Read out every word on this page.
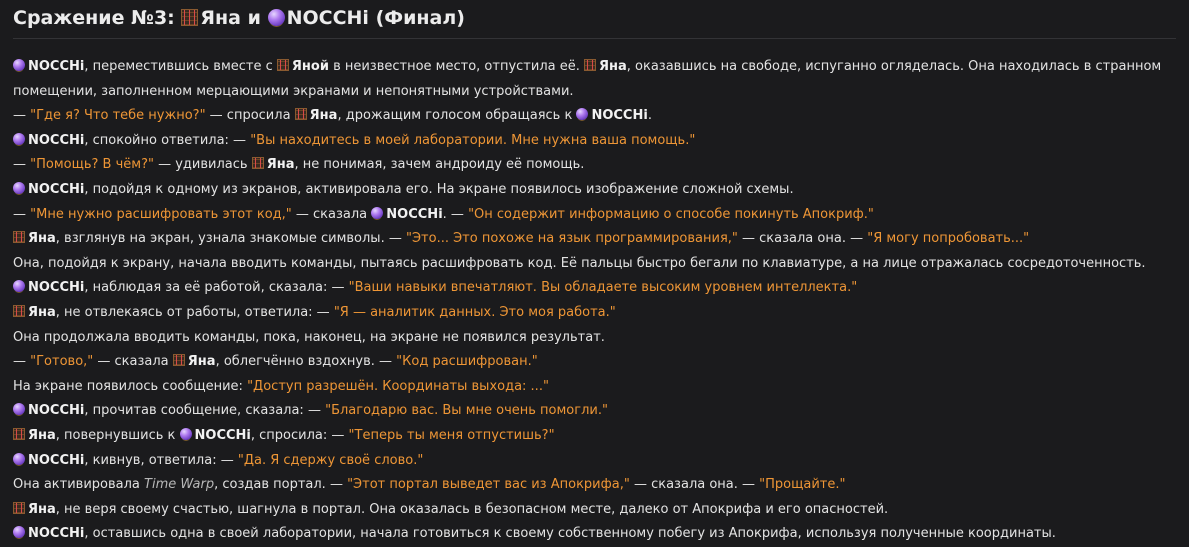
Сражение №3: Яна и NOCCHi (Финал)
NOCCHi, переместившись вместе с Яной в неизвестное место, отпустила её. Яна, оказавшись на свободе, испуганно огляделась. Она находилась в странном помещении, заполненном мерцающими экранами и непонятными устройствами.
— "Где я? Что тебе нужно?" — спросила Яна, дрожащим голосом обращаясь к NOCCHi.
NOCCHi, спокойно ответила: — "Вы находитесь в моей лаборатории. Мне нужна ваша помощь."
— "Помощь? В чём?" — удивилась Яна, не понимая, зачем андроиду её помощь.
NOCCHi, подойдя к одному из экранов, активировала его. На экране появилось изображение сложной схемы.
— "Мне нужно расшифровать этот код," — сказала NOCCHi. — "Он содержит информацию о способе покинуть Апокриф."
Яна, взглянув на экран, узнала знакомые символы. — "Это... Это похоже на язык программирования," — сказала она. — "Я могу попробовать..."
Она, подойдя к экрану, начала вводить команды, пытаясь расшифровать код. Её пальцы быстро бегали по клавиатуре, а на лице отражалась сосредоточенность.
NOCCHi, наблюдая за её работой, сказала: — "Ваши навыки впечатляют. Вы обладаете высоким уровнем интеллекта."
Яна, не отвлекаясь от работы, ответила: — "Я — аналитик данных. Это моя работа."
Она продолжала вводить команды, пока, наконец, на экране не появился результат.
— "Готово," — сказала Яна, облегчённо вздохнув. — "Код расшифрован."
На экране появилось сообщение: "Доступ разрешён. Координаты выхода: ..."
NOCCHi, прочитав сообщение, сказала: — "Благодарю вас. Вы мне очень помогли."
Яна, повернувшись к NOCCHi, спросила: — "Теперь ты меня отпустишь?"
NOCCHi, кивнув, ответила: — "Да. Я сдержу своё слово."
Она активировала Time Warp, создав портал. — "Этот портал выведет вас из Апокрифа," — сказала она. — "Прощайте."
Яна, не веря своему счастью, шагнула в портал. Она оказалась в безопасном месте, далеко от Апокрифа и его опасностей.
NOCCHi, оставшись одна в своей лаборатории, начала готовиться к своему собственному побегу из Апокрифа, используя полученные координаты.
